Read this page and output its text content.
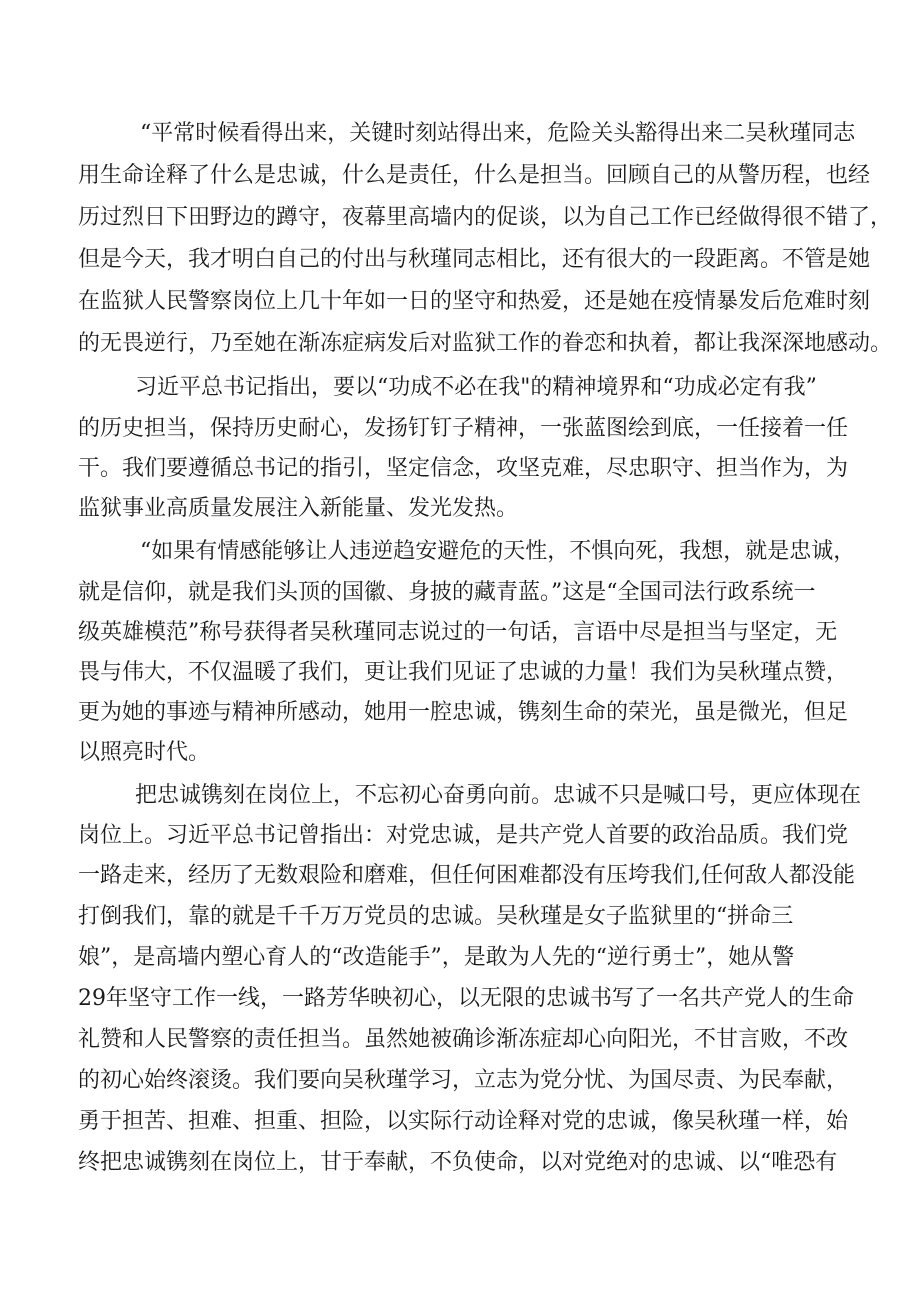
“平常时候看得出来，关键时刻站得出来，危险关头豁得出来二吴秋瑾同志
用生命诠释了什么是忠诚，什么是责任，什么是担当。回顾自己的从警历程，也经
历过烈日下田野边的蹲守，夜幕里高墙内的促谈，以为自己工作已经做得很不错了，
但是今天，我才明白自己的付出与秋瑾同志相比，还有很大的一段距离。不管是她
在监狱人民警察岗位上几十年如一日的坚守和热爱，还是她在疫情暴发后危难时刻
的无畏逆行，乃至她在渐冻症病发后对监狱工作的眷恋和执着，都让我深深地感动。
习近平总书记指出，要以“功成不必在我"的精神境界和“功成必定有我”
的历史担当，保持历史耐心，发扬钉钉子精神，一张蓝图绘到底，一任接着一任
干。我们要遵循总书记的指引，坚定信念，攻坚克难，尽忠职守、担当作为，为
监狱事业高质量发展注入新能量、发光发热。
“如果有情感能够让人违逆趋安避危的天性，不惧向死，我想，就是忠诚，
就是信仰，就是我们头顶的国徽、身披的藏青蓝。”这是“全国司法行政系统一
级英雄模范”称号获得者吴秋瑾同志说过的一句话，言语中尽是担当与坚定，无
畏与伟大，不仅温暖了我们，更让我们见证了忠诚的力量！我们为吴秋瑾点赞，
更为她的事迹与精神所感动，她用一腔忠诚，镌刻生命的荣光，虽是微光，但足
以照亮时代。
把忠诚镌刻在岗位上，不忘初心奋勇向前。忠诚不只是喊口号，更应体现在
岗位上。习近平总书记曾指出：对党忠诚，是共产党人首要的政治品质。我们党
一路走来，经历了无数艰险和磨难，但任何困难都没有压垮我们,任何敌人都没能
打倒我们，靠的就是千千万万党员的忠诚。吴秋瑾是女子监狱里的“拼命三
娘”，是高墙内塑心育人的“改造能手”，是敢为人先的“逆行勇士”，她从警
29年坚守工作一线，一路芳华映初心，以无限的忠诚书写了一名共产党人的生命
礼赞和人民警察的责任担当。虽然她被确诊渐冻症却心向阳光，不甘言败，不改
的初心始终滚烫。我们要向吴秋瑾学习，立志为党分忧、为国尽责、为民奉献，
勇于担苦、担难、担重、担险，以实际行动诠释对党的忠诚，像吴秋瑾一样，始
终把忠诚镌刻在岗位上，甘于奉献，不负使命，以对党绝对的忠诚、以“唯恐有
